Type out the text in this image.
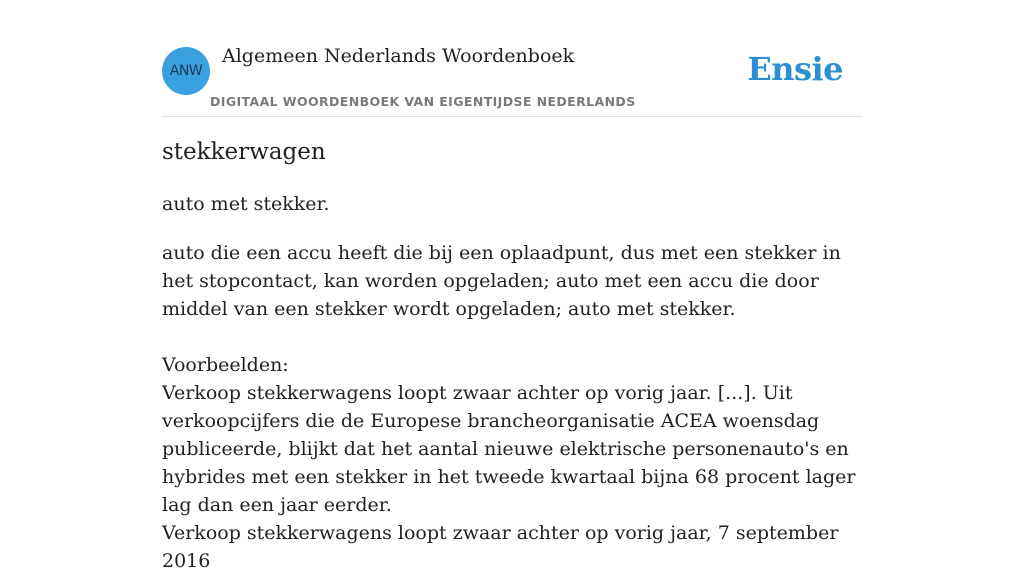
ANW
Algemeen Nederlands Woordenboek
DIGITAAL WOORDENBOEK VAN EIGENTIJDSE NEDERLANDS
Ensie
stekkerwagen

auto met stekker.

auto die een accu heeft die bij een oplaadpunt, dus met een stekker in het stopcontact, kan worden opgeladen; auto met een accu die door middel van een stekker wordt opgeladen; auto met stekker.

Voorbeelden:
Verkoop stekkerwagens loopt zwaar achter op vorig jaar. [...]. Uit verkoopcijfers die de Europese brancheorganisatie ACEA woensdag publiceerde, blijkt dat het aantal nieuwe elektrische personenauto's en hybrides met een stekker in het tweede kwartaal bijna 68 procent lager lag dan een jaar eerder.
Verkoop stekkerwagens loopt zwaar achter op vorig jaar, 7 september 2016
